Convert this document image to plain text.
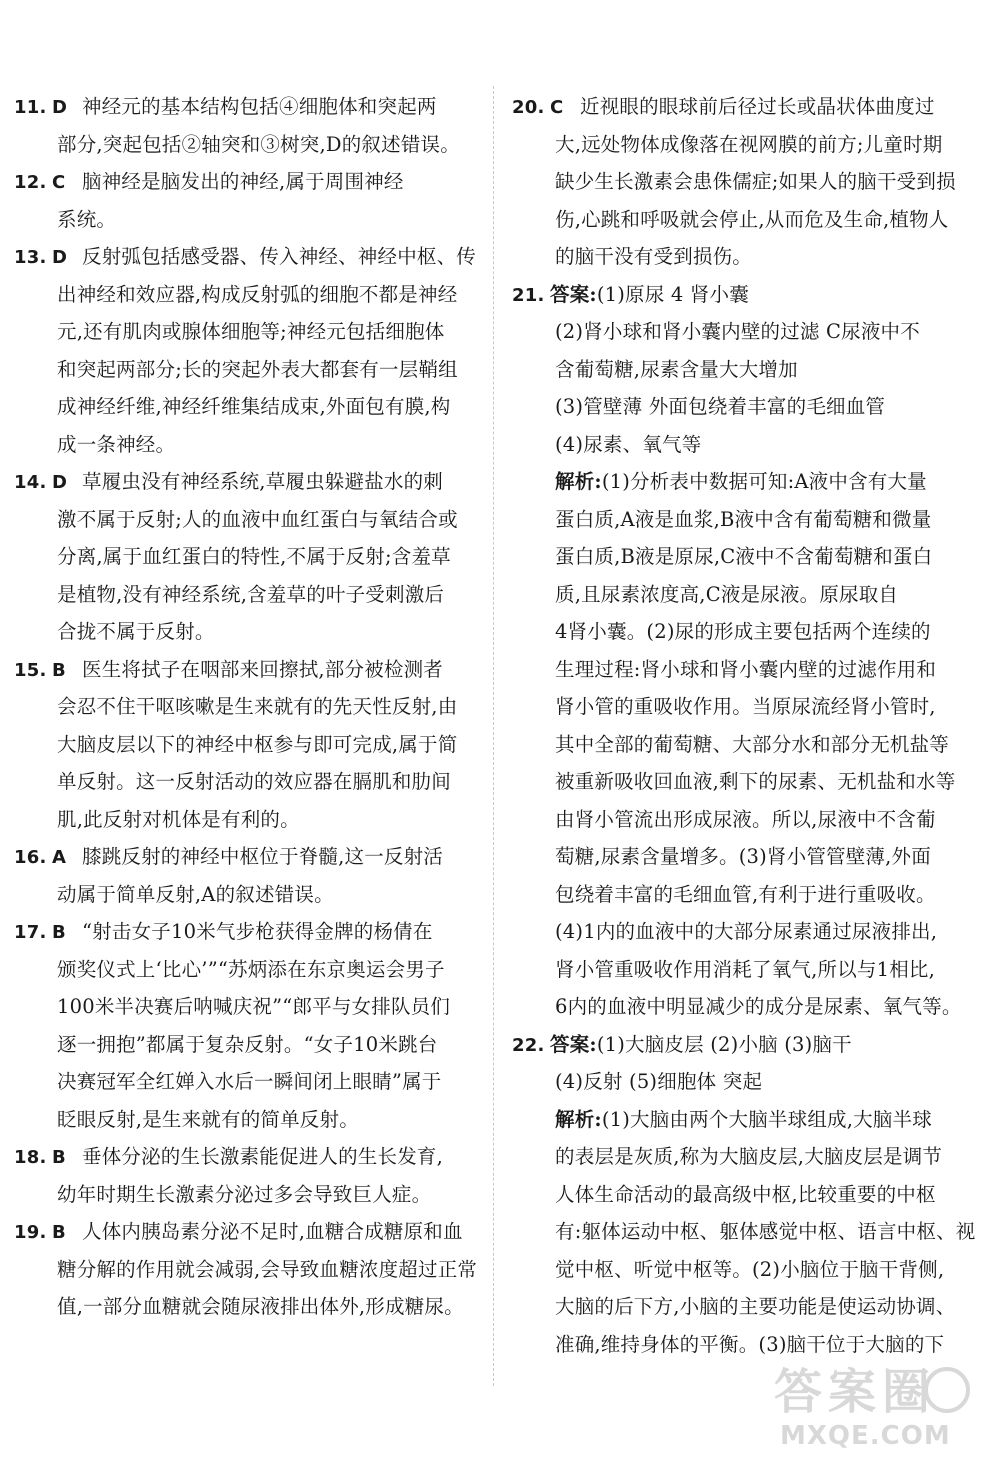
11. D 神经元的基本结构包括④细胞体和突起两
部分,突起包括②轴突和③树突,D的叙述错误。
12. C 脑神经是脑发出的神经,属于周围神经
系统。
13. D 反射弧包括感受器、传入神经、神经中枢、传
出神经和效应器,构成反射弧的细胞不都是神经
元,还有肌肉或腺体细胞等;神经元包括细胞体
和突起两部分;长的突起外表大都套有一层鞘组
成神经纤维,神经纤维集结成束,外面包有膜,构
成一条神经。
14. D 草履虫没有神经系统,草履虫躲避盐水的刺
激不属于反射;人的血液中血红蛋白与氧结合或
分离,属于血红蛋白的特性,不属于反射;含羞草
是植物,没有神经系统,含羞草的叶子受刺激后
合拢不属于反射。
15. B 医生将拭子在咽部来回擦拭,部分被检测者
会忍不住干呕咳嗽是生来就有的先天性反射,由
大脑皮层以下的神经中枢参与即可完成,属于简
单反射。这一反射活动的效应器在膈肌和肋间
肌,此反射对机体是有利的。
16. A 膝跳反射的神经中枢位于脊髓,这一反射活
动属于简单反射,A的叙述错误。
17. B “射击女子10米气步枪获得金牌的杨倩在
颁奖仪式上‘比心’”“苏炳添在东京奥运会男子
100米半决赛后呐喊庆祝”“郎平与女排队员们
逐一拥抱”都属于复杂反射。“女子10米跳台
决赛冠军全红婵入水后一瞬间闭上眼睛”属于
眨眼反射,是生来就有的简单反射。
18. B 垂体分泌的生长激素能促进人的生长发育,
幼年时期生长激素分泌过多会导致巨人症。
19. B 人体内胰岛素分泌不足时,血糖合成糖原和血
糖分解的作用就会减弱,会导致血糖浓度超过正常
值,一部分血糖就会随尿液排出体外,形成糖尿。
20. C 近视眼的眼球前后径过长或晶状体曲度过
大,远处物体成像落在视网膜的前方;儿童时期
缺少生长激素会患侏儒症;如果人的脑干受到损
伤,心跳和呼吸就会停止,从而危及生命,植物人
的脑干没有受到损伤。
21. 答案:(1)原尿 4 肾小囊
(2)肾小球和肾小囊内壁的过滤 C尿液中不
含葡萄糖,尿素含量大大增加
(3)管壁薄 外面包绕着丰富的毛细血管
(4)尿素、氧气等
解析:(1)分析表中数据可知:A液中含有大量
蛋白质,A液是血浆,B液中含有葡萄糖和微量
蛋白质,B液是原尿,C液中不含葡萄糖和蛋白
质,且尿素浓度高,C液是尿液。原尿取自
4肾小囊。(2)尿的形成主要包括两个连续的
生理过程:肾小球和肾小囊内壁的过滤作用和
肾小管的重吸收作用。当原尿流经肾小管时,
其中全部的葡萄糖、大部分水和部分无机盐等
被重新吸收回血液,剩下的尿素、无机盐和水等
由肾小管流出形成尿液。所以,尿液中不含葡
萄糖,尿素含量增多。(3)肾小管管壁薄,外面
包绕着丰富的毛细血管,有利于进行重吸收。
(4)1内的血液中的大部分尿素通过尿液排出,
肾小管重吸收作用消耗了氧气,所以与1相比,
6内的血液中明显减少的成分是尿素、氧气等。
22. 答案:(1)大脑皮层 (2)小脑 (3)脑干
(4)反射 (5)细胞体 突起
解析:(1)大脑由两个大脑半球组成,大脑半球
的表层是灰质,称为大脑皮层,大脑皮层是调节
人体生命活动的最高级中枢,比较重要的中枢
有:躯体运动中枢、躯体感觉中枢、语言中枢、视
觉中枢、听觉中枢等。(2)小脑位于脑干背侧,
大脑的后下方,小脑的主要功能是使运动协调、
准确,维持身体的平衡。(3)脑干位于大脑的下
答案圈
MXQE.COM
